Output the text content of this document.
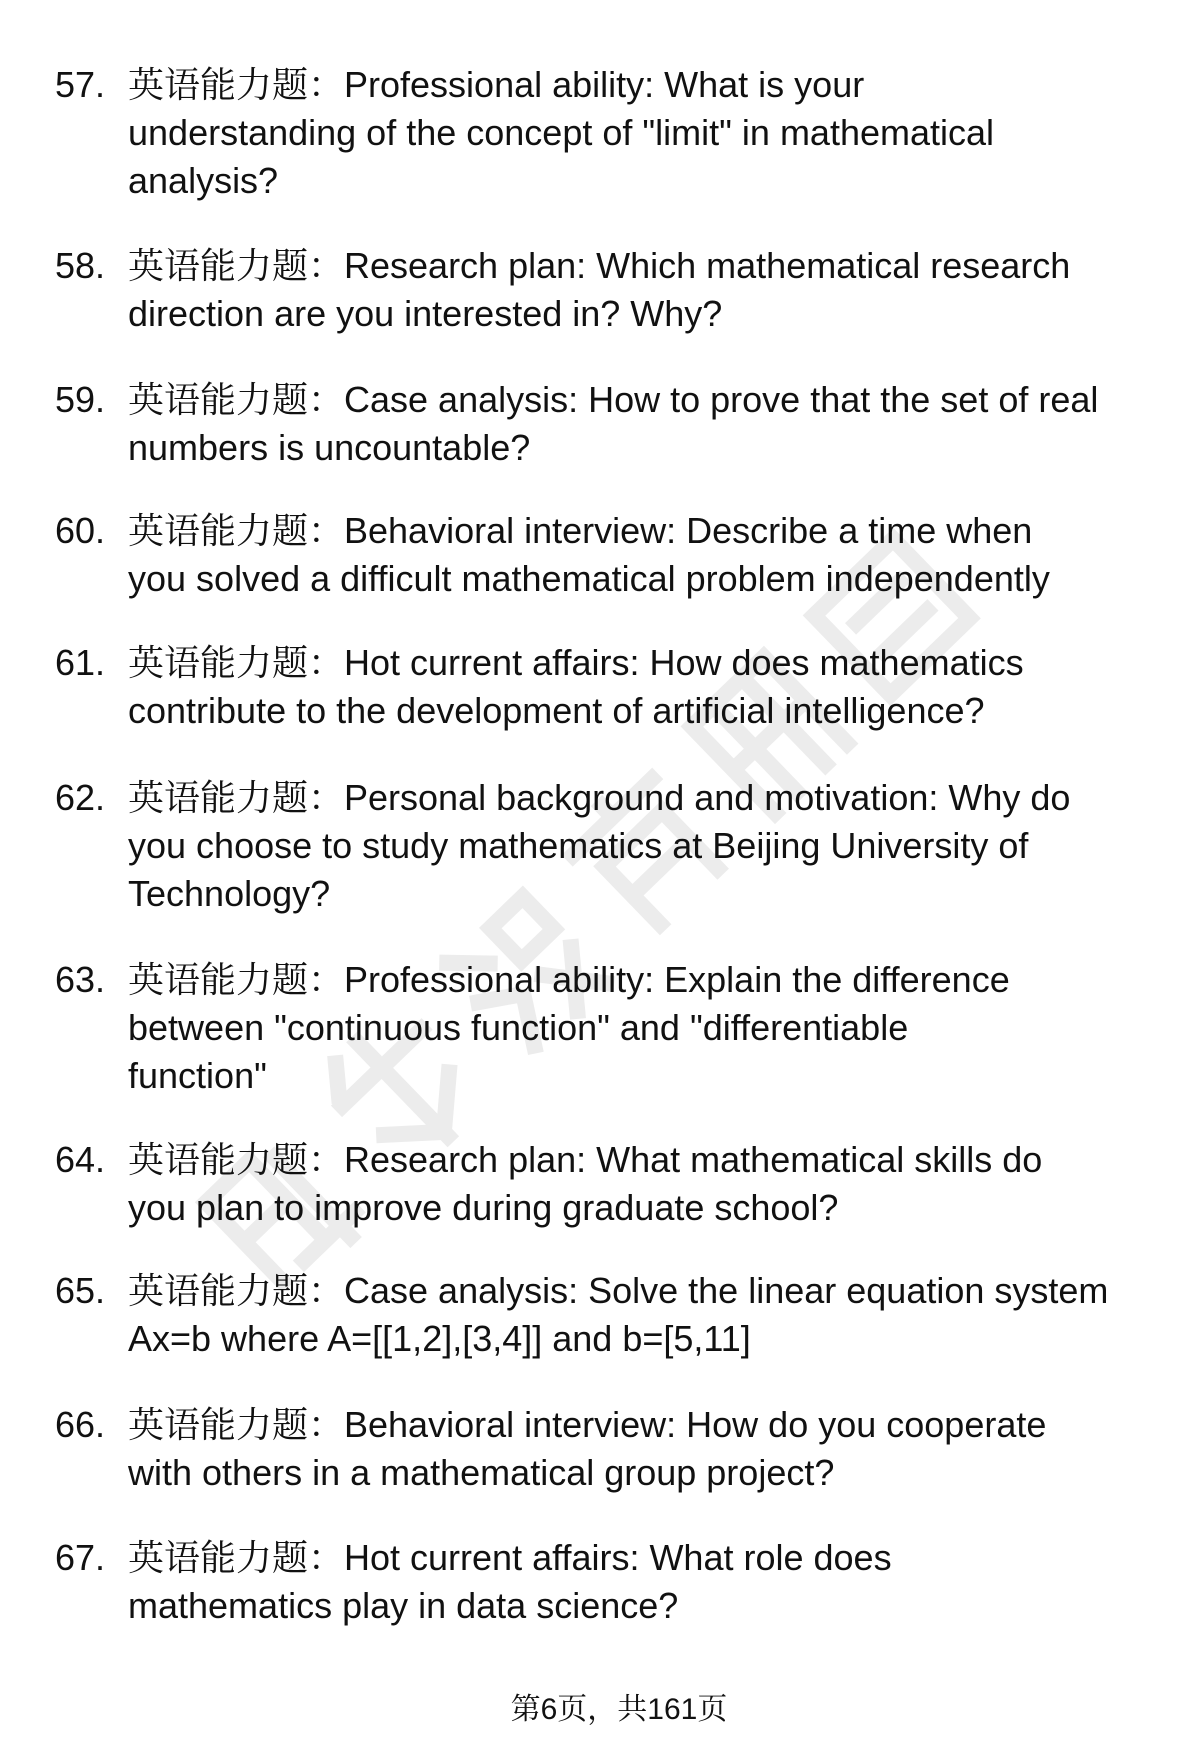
57. 英语能力题：Professional ability: What is your
understanding of the concept of "limit" in mathematical
analysis?
58. 英语能力题：Research plan: Which mathematical research
direction are you interested in? Why?
59. 英语能力题：Case analysis: How to prove that the set of real
numbers is uncountable?
60. 英语能力题：Behavioral interview: Describe a time when
you solved a difficult mathematical problem independently
61. 英语能力题：Hot current affairs: How does mathematics
contribute to the development of artificial intelligence?
62. 英语能力题：Personal background and motivation: Why do
you choose to study mathematics at Beijing University of
Technology?
63. 英语能力题：Professional ability: Explain the difference
between "continuous function" and "differentiable
function"
64. 英语能力题：Research plan: What mathematical skills do
you plan to improve during graduate school?
65. 英语能力题：Case analysis: Solve the linear equation system
Ax=b where A=[[1,2],[3,4]] and b=[5,11]
66. 英语能力题：Behavioral interview: How do you cooperate
with others in a mathematical group project?
67. 英语能力题：Hot current affairs: What role does
mathematics play in data science?
第6页，共161页
